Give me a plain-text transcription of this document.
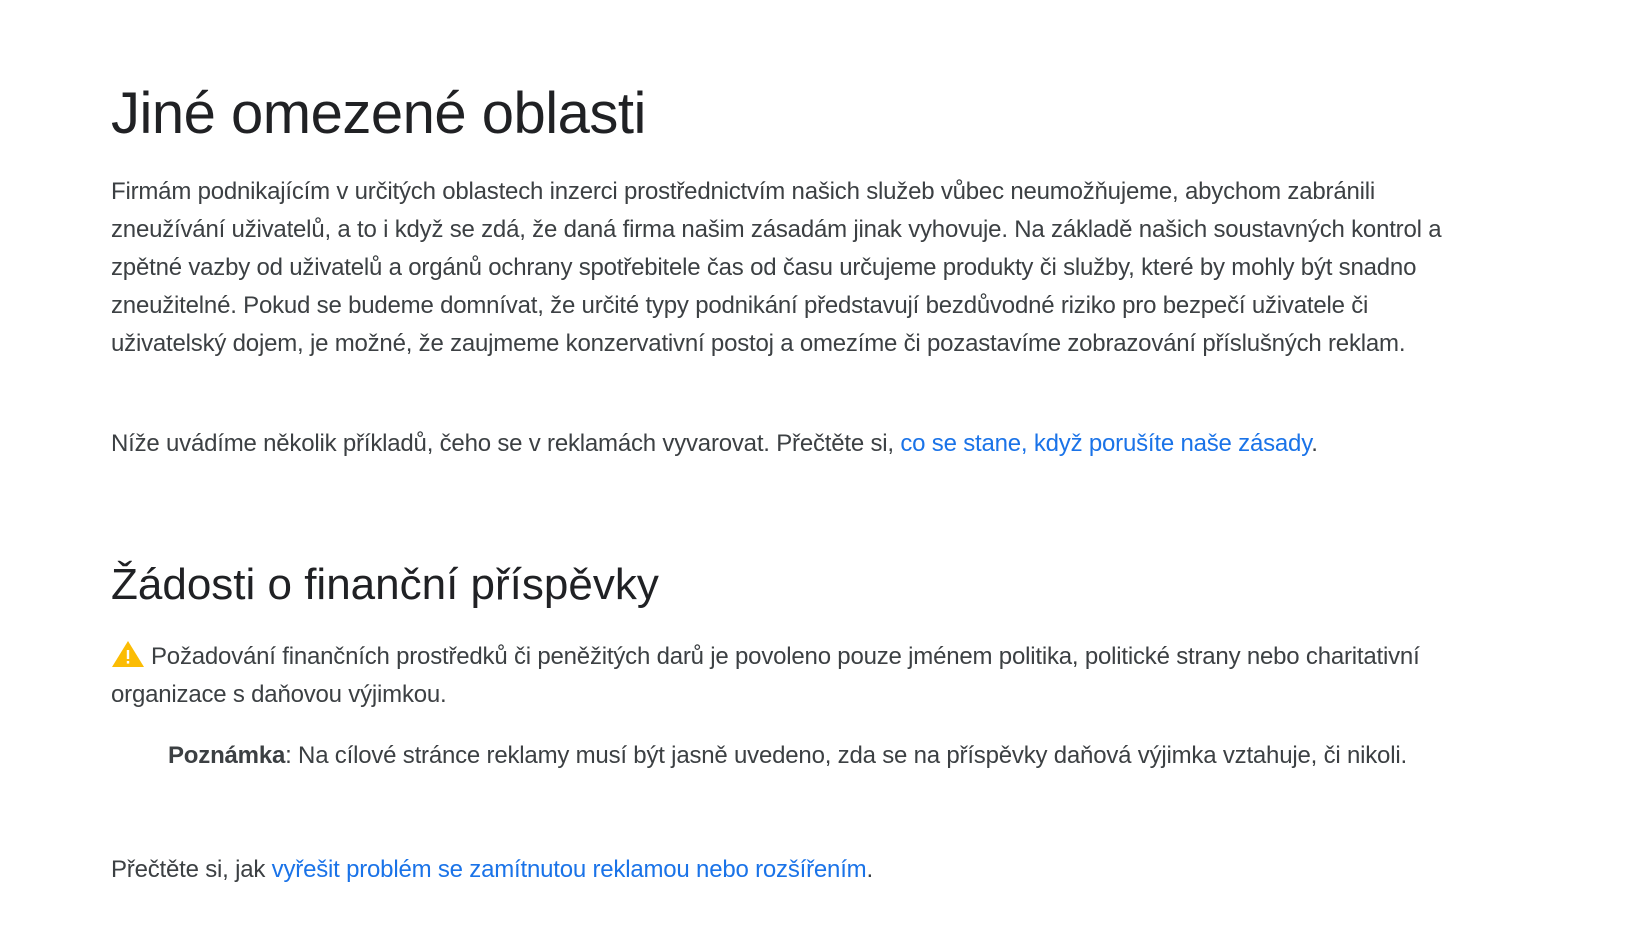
Jiné omezené oblasti

Firmám podnikajícím v určitých oblastech inzerci prostřednictvím našich služeb vůbec neumožňujeme, abychom zabránili zneužívání uživatelů, a to i když se zdá, že daná firma našim zásadám jinak vyhovuje. Na základě našich soustavných kontrol a zpětné vazby od uživatelů a orgánů ochrany spotřebitele čas od času určujeme produkty či služby, které by mohly být snadno zneužitelné. Pokud se budeme domnívat, že určité typy podnikání představují bezdůvodné riziko pro bezpečí uživatele či uživatelský dojem, je možné, že zaujmeme konzervativní postoj a omezíme či pozastavíme zobrazování příslušných reklam.

Níže uvádíme několik příkladů, čeho se v reklamách vyvarovat. Přečtěte si, co se stane, když porušíte naše zásady.

Žádosti o finanční příspěvky

Požadování finančních prostředků či peněžitých darů je povoleno pouze jménem politika, politické strany nebo charitativní organizace s daňovou výjimkou.

Poznámka: Na cílové stránce reklamy musí být jasně uvedeno, zda se na příspěvky daňová výjimka vztahuje, či nikoli.

Přečtěte si, jak vyřešit problém se zamítnutou reklamou nebo rozšířením.
